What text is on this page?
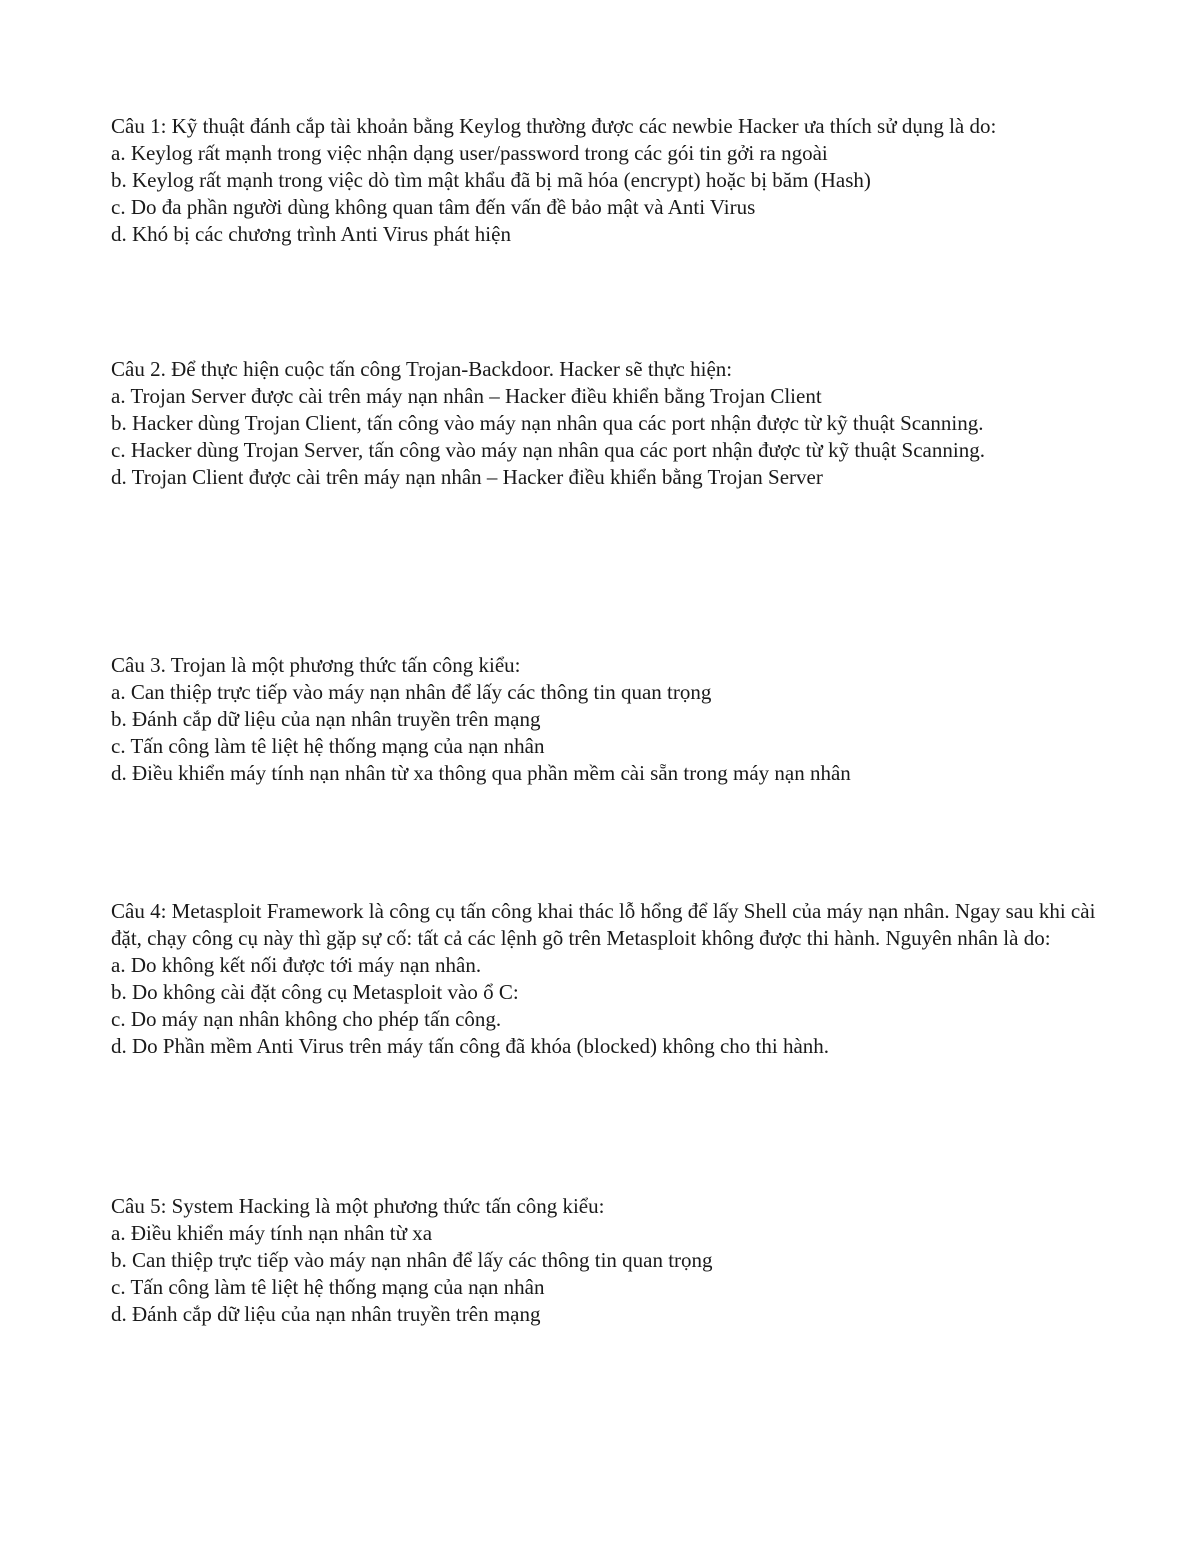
Câu 1: Kỹ thuật đánh cắp tài khoản bằng Keylog thường được các newbie Hacker ưa thích sử dụng là do:

a. Keylog rất mạnh trong việc nhận dạng user/password trong các gói tin gởi ra ngoài

b. Keylog rất mạnh trong việc dò tìm mật khẩu đã bị mã hóa (encrypt) hoặc bị băm (Hash)

c. Do đa phần người dùng không quan tâm đến vấn đề bảo mật và Anti Virus

d. Khó bị các chương trình Anti Virus phát hiện

Câu 2. Để thực hiện cuộc tấn công Trojan-Backdoor. Hacker sẽ thực hiện:

a. Trojan Server được cài trên máy nạn nhân – Hacker điều khiển bằng Trojan Client

b. Hacker dùng Trojan Client, tấn công vào máy nạn nhân qua các port nhận được từ kỹ thuật Scanning.

c. Hacker dùng Trojan Server, tấn công vào máy nạn nhân qua các port nhận được từ kỹ thuật Scanning.

d. Trojan Client được cài trên máy nạn nhân – Hacker điều khiển bằng Trojan Server

Câu 3. Trojan là một phương thức tấn công kiểu:

a. Can thiệp trực tiếp vào máy nạn nhân để lấy các thông tin quan trọng

b. Đánh cắp dữ liệu của nạn nhân truyền trên mạng

c. Tấn công làm tê liệt hệ thống mạng của nạn nhân

d. Điều khiển máy tính nạn nhân từ xa thông qua phần mềm cài sẵn trong máy nạn nhân

Câu 4: Metasploit Framework là công cụ tấn công khai thác lỗ hổng để lấy Shell của máy nạn nhân. Ngay sau khi cài đặt, chạy công cụ này thì gặp sự cố: tất cả các lệnh gõ trên Metasploit không được thi hành. Nguyên nhân là do:

a. Do không kết nối được tới máy nạn nhân.

b. Do không cài đặt công cụ Metasploit vào ổ C:

c. Do máy nạn nhân không cho phép tấn công.

d. Do Phần mềm Anti Virus trên máy tấn công đã khóa (blocked) không cho thi hành.

Câu 5: System Hacking là một phương thức tấn công kiểu:

a. Điều khiển máy tính nạn nhân từ xa

b. Can thiệp trực tiếp vào máy nạn nhân để lấy các thông tin quan trọng

c. Tấn công làm tê liệt hệ thống mạng của nạn nhân

d. Đánh cắp dữ liệu của nạn nhân truyền trên mạng
